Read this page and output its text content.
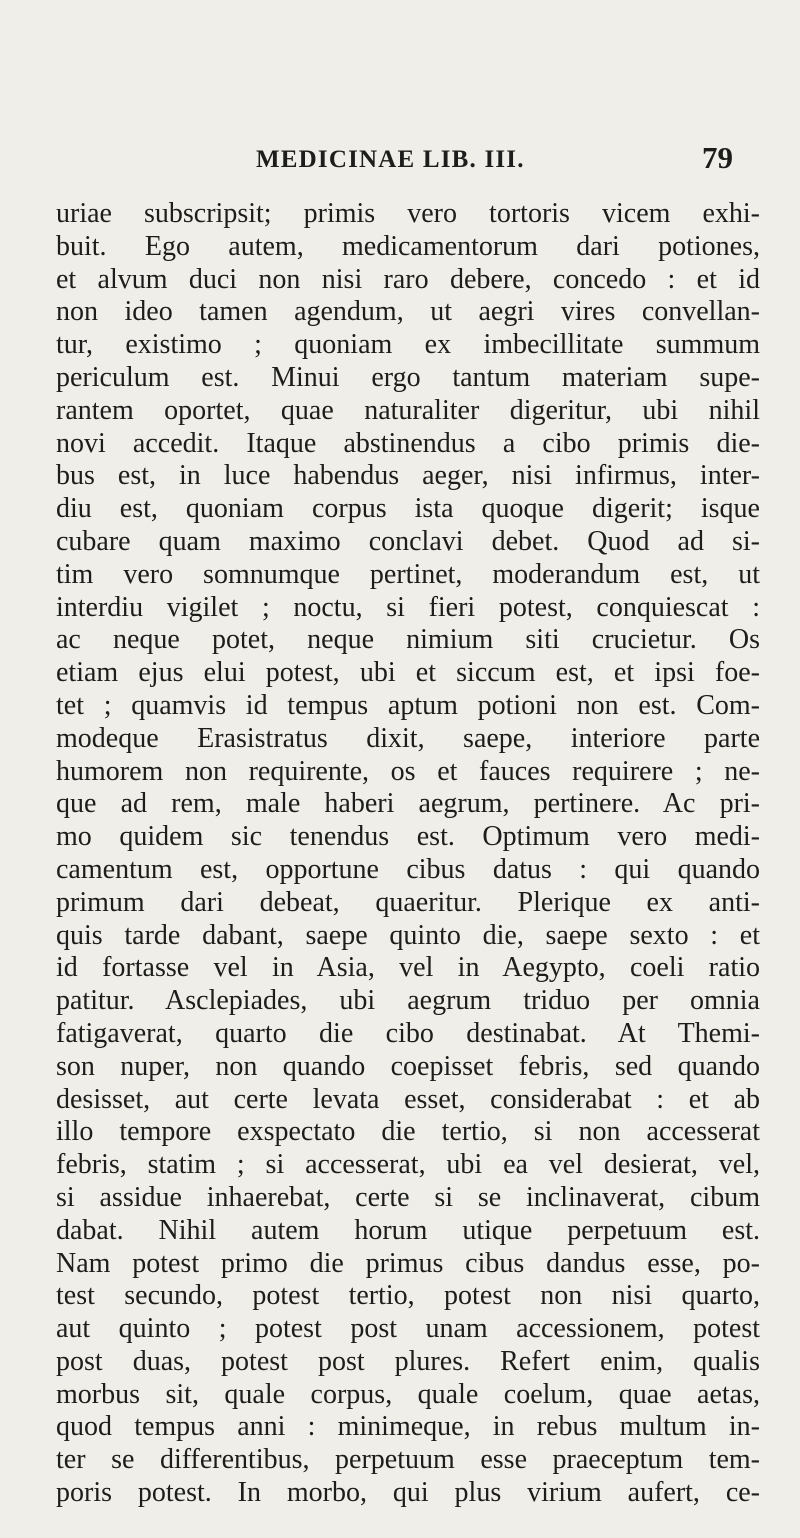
MEDICINAE LIB. III.	79
uriae subscripsit; primis vero tortoris vicem exhi-
buit. Ego autem, medicamentorum dari potiones,
et alvum duci non nisi raro debere, concedo : et id
non ideo tamen agendum, ut aegri vires convellan-
tur, existimo ; quoniam ex imbecillitate summum
periculum est. Minui ergo tantum materiam supe-
rantem oportet, quae naturaliter digeritur, ubi nihil
novi accedit. Itaque abstinendus a cibo primis die-
bus est, in luce habendus aeger, nisi infirmus, inter-
diu est, quoniam corpus ista quoque digerit; isque
cubare quam maximo conclavi debet. Quod ad si-
tim vero somnumque pertinet, moderandum est, ut
interdiu vigilet ; noctu, si fieri potest, conquiescat :
ac neque potet, neque nimium siti crucietur. Os
etiam ejus elui potest, ubi et siccum est, et ipsi foe-
tet ; quamvis id tempus aptum potioni non est. Com-
modeque Erasistratus dixit, saepe, interiore parte
humorem non requirente, os et fauces requirere ; ne-
que ad rem, male haberi aegrum, pertinere. Ac pri-
mo quidem sic tenendus est. Optimum vero medi-
camentum est, opportune cibus datus : qui quando
primum dari debeat, quaeritur. Plerique ex anti-
quis tarde dabant, saepe quinto die, saepe sexto : et
id fortasse vel in Asia, vel in Aegypto, coeli ratio
patitur. Asclepiades, ubi aegrum triduo per omnia
fatigaverat, quarto die cibo destinabat. At Themi-
son nuper, non quando coepisset febris, sed quando
desisset, aut certe levata esset, considerabat : et ab
illo tempore exspectato die tertio, si non accesserat
febris, statim ; si accesserat, ubi ea vel desierat, vel,
si assidue inhaerebat, certe si se inclinaverat, cibum
dabat. Nihil autem horum utique perpetuum est.
Nam potest primo die primus cibus dandus esse, po-
test secundo, potest tertio, potest non nisi quarto,
aut quinto ; potest post unam accessionem, potest
post duas, potest post plures. Refert enim, qualis
morbus sit, quale corpus, quale coelum, quae aetas,
quod tempus anni : minimeque, in rebus multum in-
ter se differentibus, perpetuum esse praeceptum tem-
poris potest. In morbo, qui plus virium aufert, ce-
